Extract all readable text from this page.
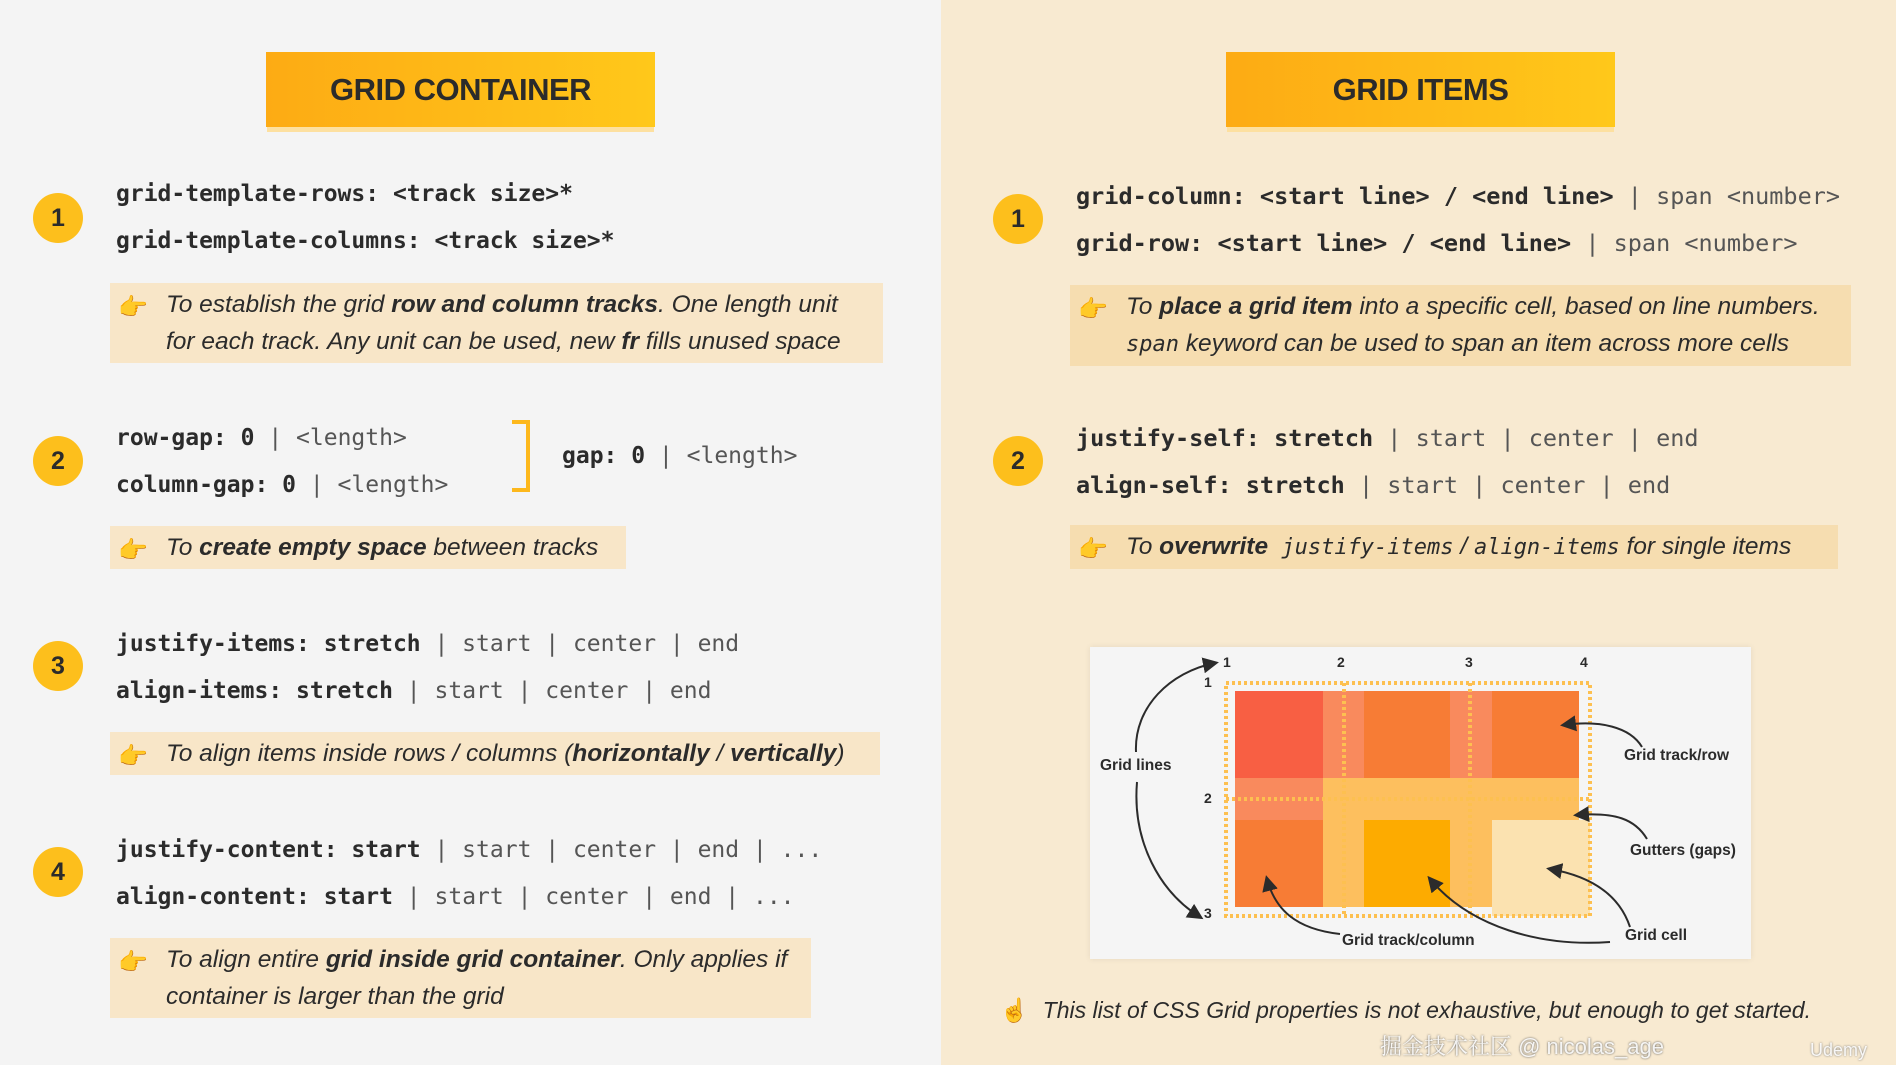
GRID CONTAINER
1
grid-template-rows: <track size>*
grid-template-columns: <track size>*
👉 To establish the grid row and column tracks. One length unit
for each track. Any unit can be used, new fr fills unused space
2
row-gap: 0 | <length>
column-gap: 0 | <length>
gap: 0 | <length>
👉 To create empty space between tracks
3
justify-items: stretch | start | center | end
align-items: stretch | start | center | end
👉 To align items inside rows / columns (horizontally / vertically)
4
justify-content: start | start | center | end | ...
align-content: start | start | center | end | ...
👉 To align entire grid inside grid container. Only applies if
container is larger than the grid
GRID ITEMS
1
grid-column: <start line> / <end line> | span <number>
grid-row: <start line> / <end line> | span <number>
👉 To place a grid item into a specific cell, based on line numbers.
span keyword can be used to span an item across more cells
2
justify-self: stretch | start | center | end
align-self: stretch | start | center | end
👉 To overwrite justify-items / align-items for single items
1	2	3	4
1
2
3
Grid lines
Grid track/row
Gutters (gaps)
Grid track/column	Grid cell
☝ This list of CSS Grid properties is not exhaustive, but enough to get started.
掘金技术社区 @ nicolas_age	Udemy
